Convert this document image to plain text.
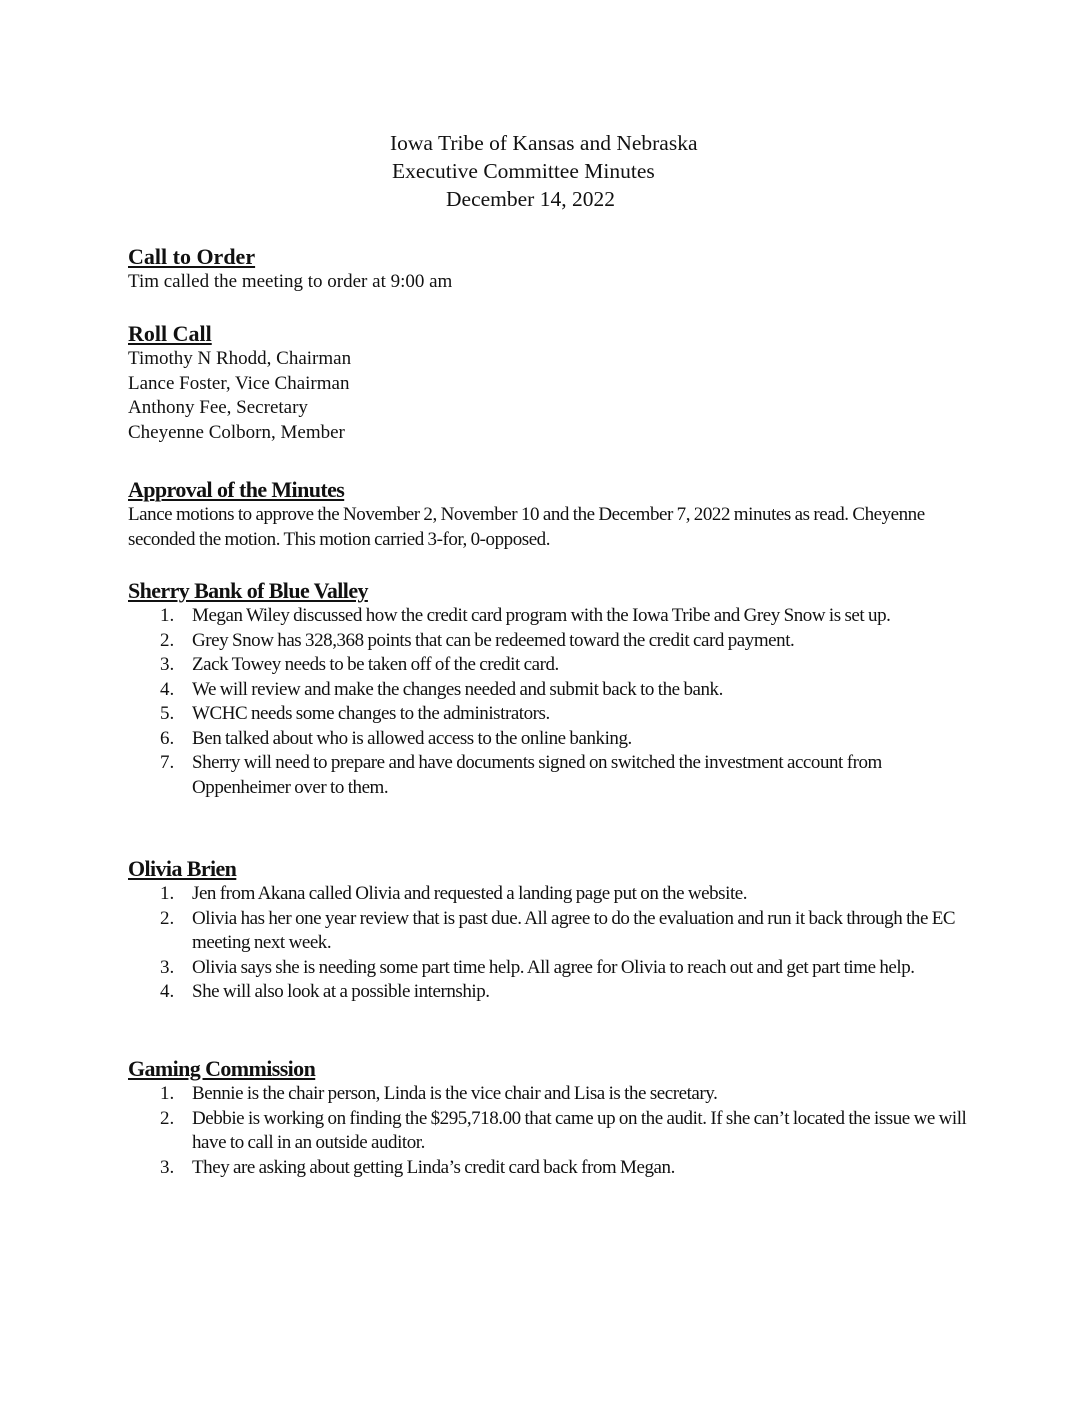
Iowa Tribe of Kansas and Nebraska
Executive Committee Minutes
December 14, 2022
Call to Order

Tim called the meeting to order at 9:00 am

Roll Call

Timothy N Rhodd, Chairman

Lance Foster, Vice Chairman

Anthony Fee, Secretary

Cheyenne Colborn, Member

Approval of the Minutes

Lance motions to approve the November 2, November 10 and the December 7, 2022 minutes as read. Cheyenne seconded the motion. This motion carried 3-for, 0-opposed.

Sherry Bank of Blue Valley
1. Megan Wiley discussed how the credit card program with the Iowa Tribe and Grey Snow is set up.
2. Grey Snow has 328,368 points that can be redeemed toward the credit card payment.
3. Zack Towey needs to be taken off of the credit card.
4. We will review and make the changes needed and submit back to the bank.
5. WCHC needs some changes to the administrators.
6. Ben talked about who is allowed access to the online banking.
7. Sherry will need to prepare and have documents signed on switched the investment account from Oppenheimer over to them.
Olivia Brien
1. Jen from Akana called Olivia and requested a landing page put on the website.
2. Olivia has her one year review that is past due. All agree to do the evaluation and run it back through the EC meeting next week.
3. Olivia says she is needing some part time help. All agree for Olivia to reach out and get part time help.
4. She will also look at a possible internship.
Gaming Commission
1. Bennie is the chair person, Linda is the vice chair and Lisa is the secretary.
2. Debbie is working on finding the $295,718.00 that came up on the audit. If she can’t located the issue we will have to call in an outside auditor.
3. They are asking about getting Linda’s credit card back from Megan.
